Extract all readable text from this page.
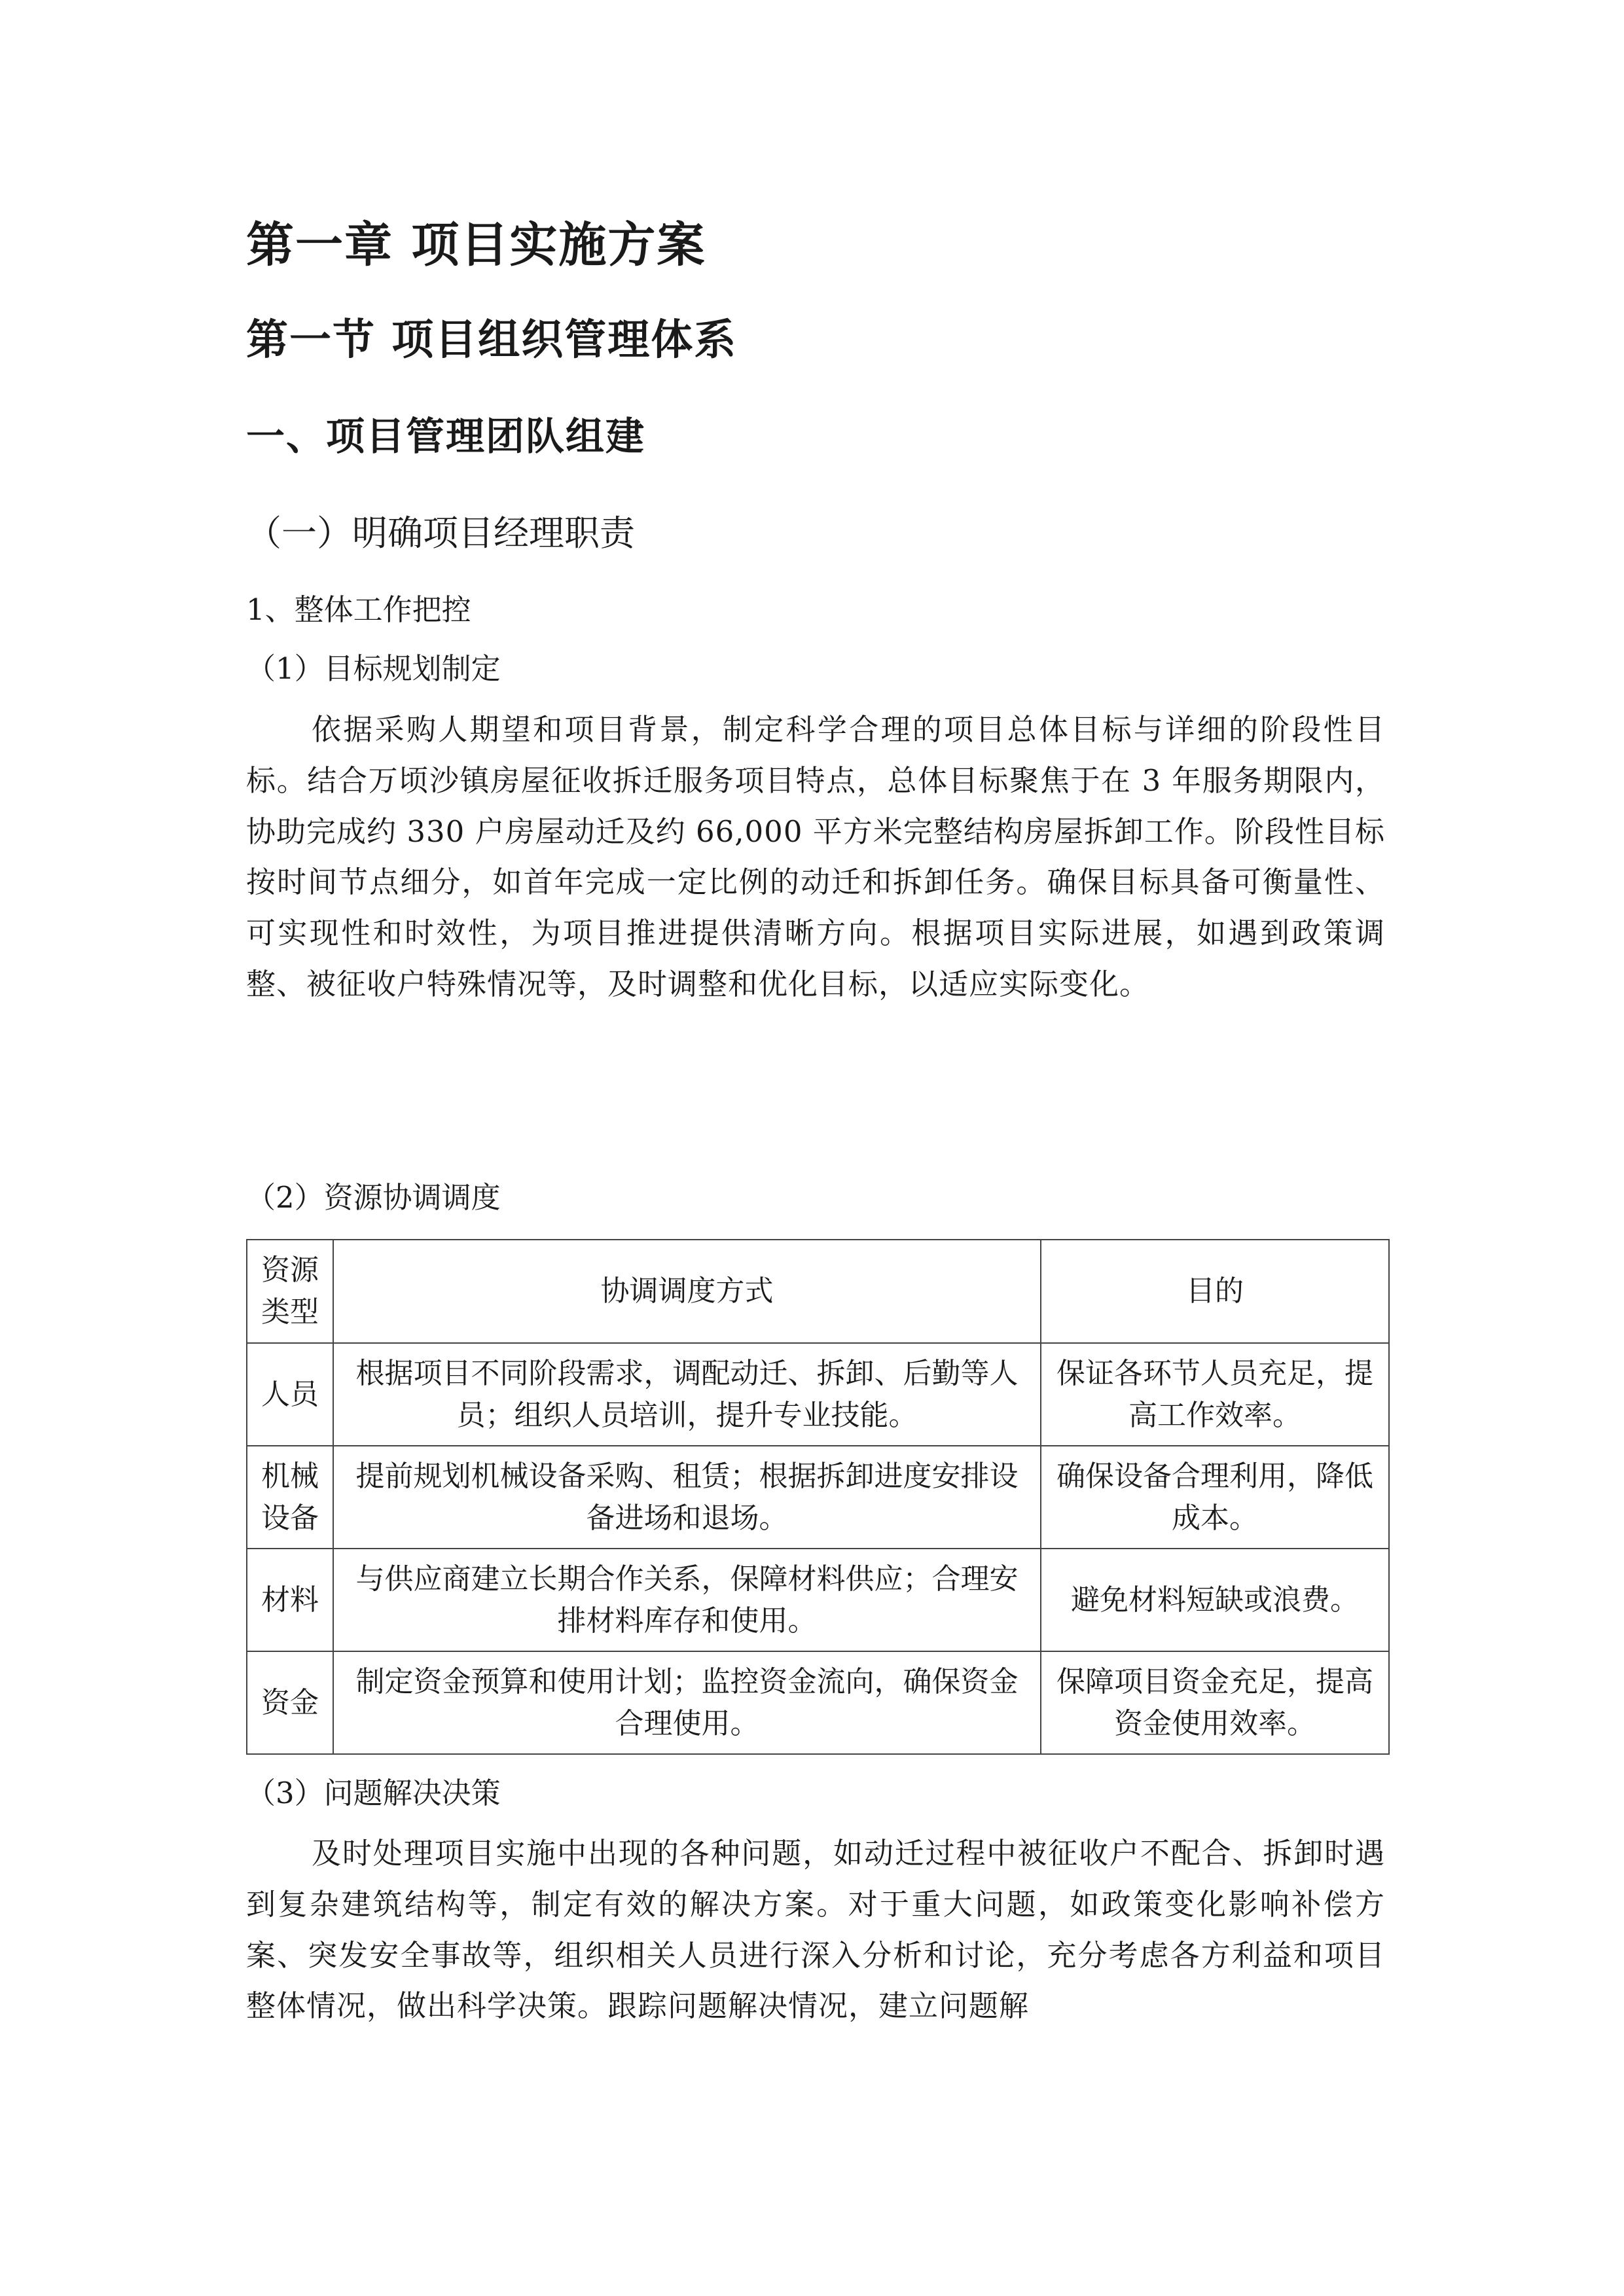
第一章 项目实施方案
第一节 项目组织管理体系
一、项目管理团队组建
（一）明确项目经理职责

1、整体工作把控

（1）目标规划制定

依据采购人期望和项目背景，制定科学合理的项目总体目标与详细的阶段性目标。结合万顷沙镇房屋征收拆迁服务项目特点，总体目标聚焦于在 3 年服务期限内，协助完成约 330 户房屋动迁及约 66,000 平方米完整结构房屋拆卸工作。阶段性目标按时间节点细分，如首年完成一定比例的动迁和拆卸任务。确保目标具备可衡量性、可实现性和时效性，为项目推进提供清晰方向。根据项目实际进展，如遇到政策调整、被征收户特殊情况等，及时调整和优化目标，以适应实际变化。

（2）资源协调调度

资源类型	协调调度方式	目的
人员	根据项目不同阶段需求，调配动迁、拆卸、后勤等人员；组织人员培训，提升专业技能。	保证各环节人员充足，提高工作效率。
机械设备	提前规划机械设备采购、租赁；根据拆卸进度安排设备进场和退场。	确保设备合理利用，降低成本。
材料	与供应商建立长期合作关系，保障材料供应；合理安排材料库存和使用。	避免材料短缺或浪费。
资金	制定资金预算和使用计划；监控资金流向，确保资金合理使用。	保障项目资金充足，提高资金使用效率。

（3）问题解决决策

及时处理项目实施中出现的各种问题，如动迁过程中被征收户不配合、拆卸时遇到复杂建筑结构等，制定有效的解决方案。对于重大问题，如政策变化影响补偿方案、突发安全事故等，组织相关人员进行深入分析和讨论，充分考虑各方利益和项目整体情况，做出科学决策。跟踪问题解决情况，建立问题解
